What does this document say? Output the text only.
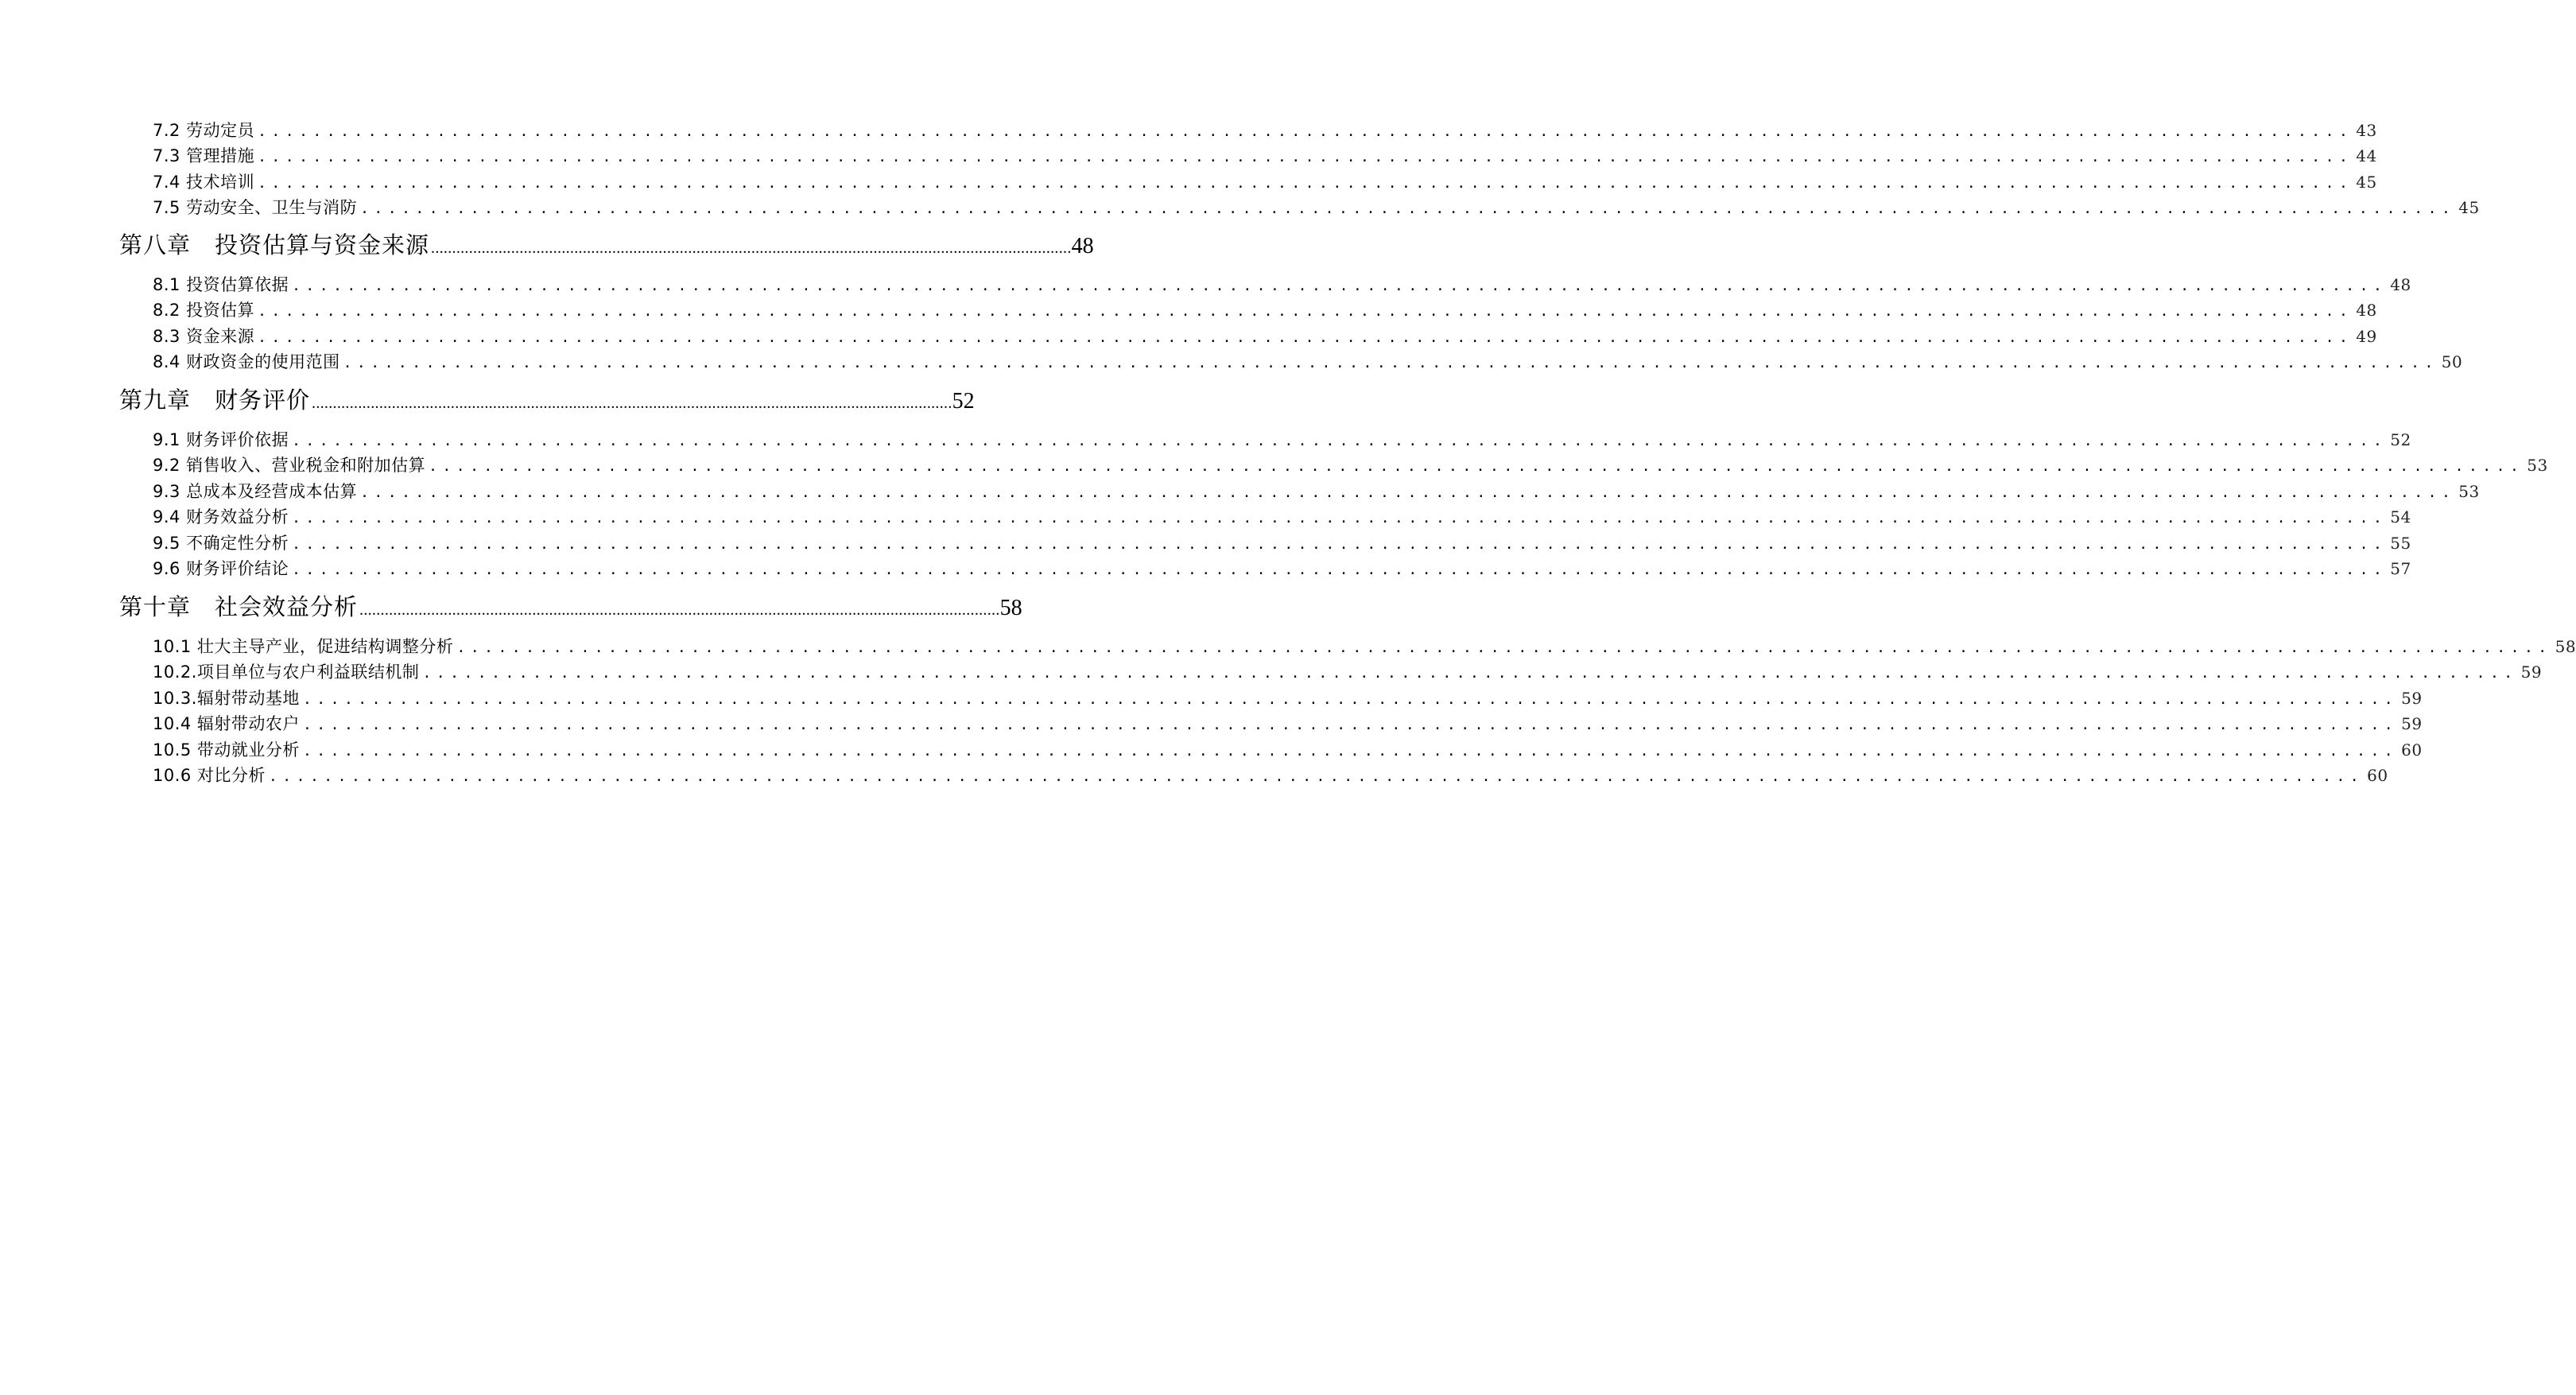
7.2 劳动定员 ........................................................................................................................................................ 43
7.3 管理措施 ........................................................................................................................................................ 44
7.4 技术培训 ........................................................................................................................................................ 45
7.5 劳动安全、卫生与消防 ........................................................................................................................................................ 45
第八章 投资估算与资金来源 ........................................................................................................................................................ 48
8.1 投资估算依据 ........................................................................................................................................................ 48
8.2 投资估算 ........................................................................................................................................................ 48
8.3 资金来源 ........................................................................................................................................................ 49
8.4 财政资金的使用范围 ........................................................................................................................................................ 50
第九章 财务评价 ........................................................................................................................................................ 52
9.1 财务评价依据 ........................................................................................................................................................ 52
9.2 销售收入、营业税金和附加估算 ........................................................................................................................................................ 53
9.3 总成本及经营成本估算 ........................................................................................................................................................ 53
9.4 财务效益分析 ........................................................................................................................................................ 54
9.5 不确定性分析 ........................................................................................................................................................ 55
9.6 财务评价结论 ........................................................................................................................................................ 57
第十章 社会效益分析 ........................................................................................................................................................ 58
10.1 壮大主导产业，促进结构调整分析 ........................................................................................................................................................ 58
10.2.项目单位与农户利益联结机制 ........................................................................................................................................................ 59
10.3.辐射带动基地 ........................................................................................................................................................ 59
10.4 辐射带动农户 ........................................................................................................................................................ 59
10.5 带动就业分析 ........................................................................................................................................................ 60
10.6 对比分析 ........................................................................................................................................................ 60
